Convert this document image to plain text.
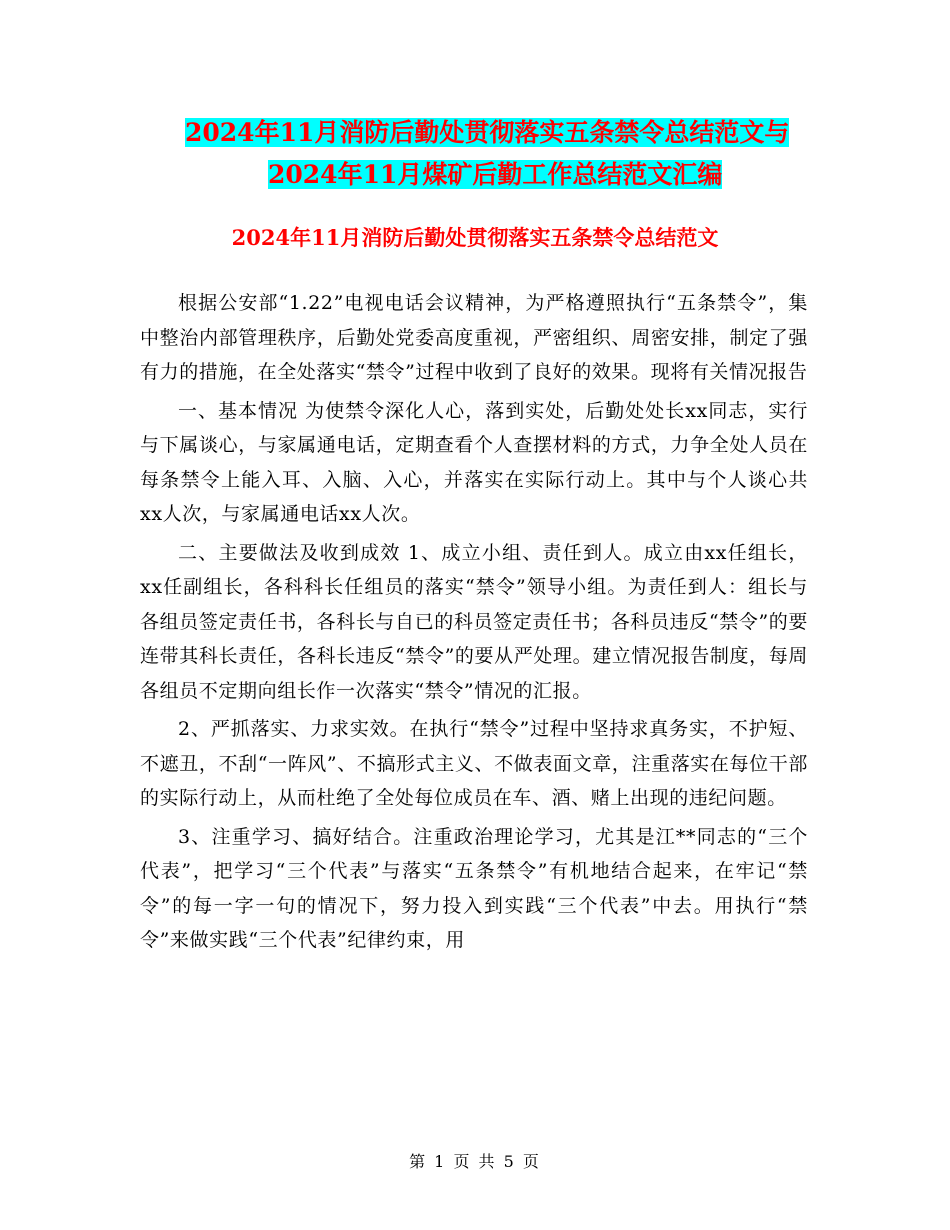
2024年11月消防后勤处贯彻落实五条禁令总结范文与
2024年11月煤矿后勤工作总结范文汇编
2024年11月消防后勤处贯彻落实五条禁令总结范文

根据公安部“1.22”电视电话会议精神，为严格遵照执行“五条禁令”，集中整治内部管理秩序，后勤处党委高度重视，严密组织、周密安排，制定了强有力的措施，在全处落实“禁令”过程中收到了良好的效果。现将有关情况报告

一、基本情况 为使禁令深化人心，落到实处，后勤处处长xx同志，实行与下属谈心，与家属通电话，定期查看个人查摆材料的方式，力争全处人员在每条禁令上能入耳、入脑、入心，并落实在实际行动上。其中与个人谈心共xx人次，与家属通电话xx人次。

二、主要做法及收到成效 1、成立小组、责任到人。成立由xx任组长，xx任副组长，各科科长任组员的落实“禁令”领导小组。为责任到人：组长与各组员签定责任书，各科长与自已的科员签定责任书；各科员违反“禁令”的要连带其科长责任，各科长违反“禁令”的要从严处理。建立情况报告制度，每周各组员不定期向组长作一次落实“禁令”情况的汇报。

2、严抓落实、力求实效。在执行“禁令”过程中坚持求真务实，不护短、不遮丑，不刮“一阵风”、不搞形式主义、不做表面文章，注重落实在每位干部的实际行动上，从而杜绝了全处每位成员在车、酒、赌上出现的违纪问题。

3、注重学习、搞好结合。注重政治理论学习，尤其是江**同志的“三个代表”，把学习“三个代表”与落实“五条禁令”有机地结合起来，在牢记“禁令”的每一字一句的情况下，努力投入到实践“三个代表”中去。用执行“禁令”来做实践“三个代表”纪律约束，用

第 1 页 共 5 页
